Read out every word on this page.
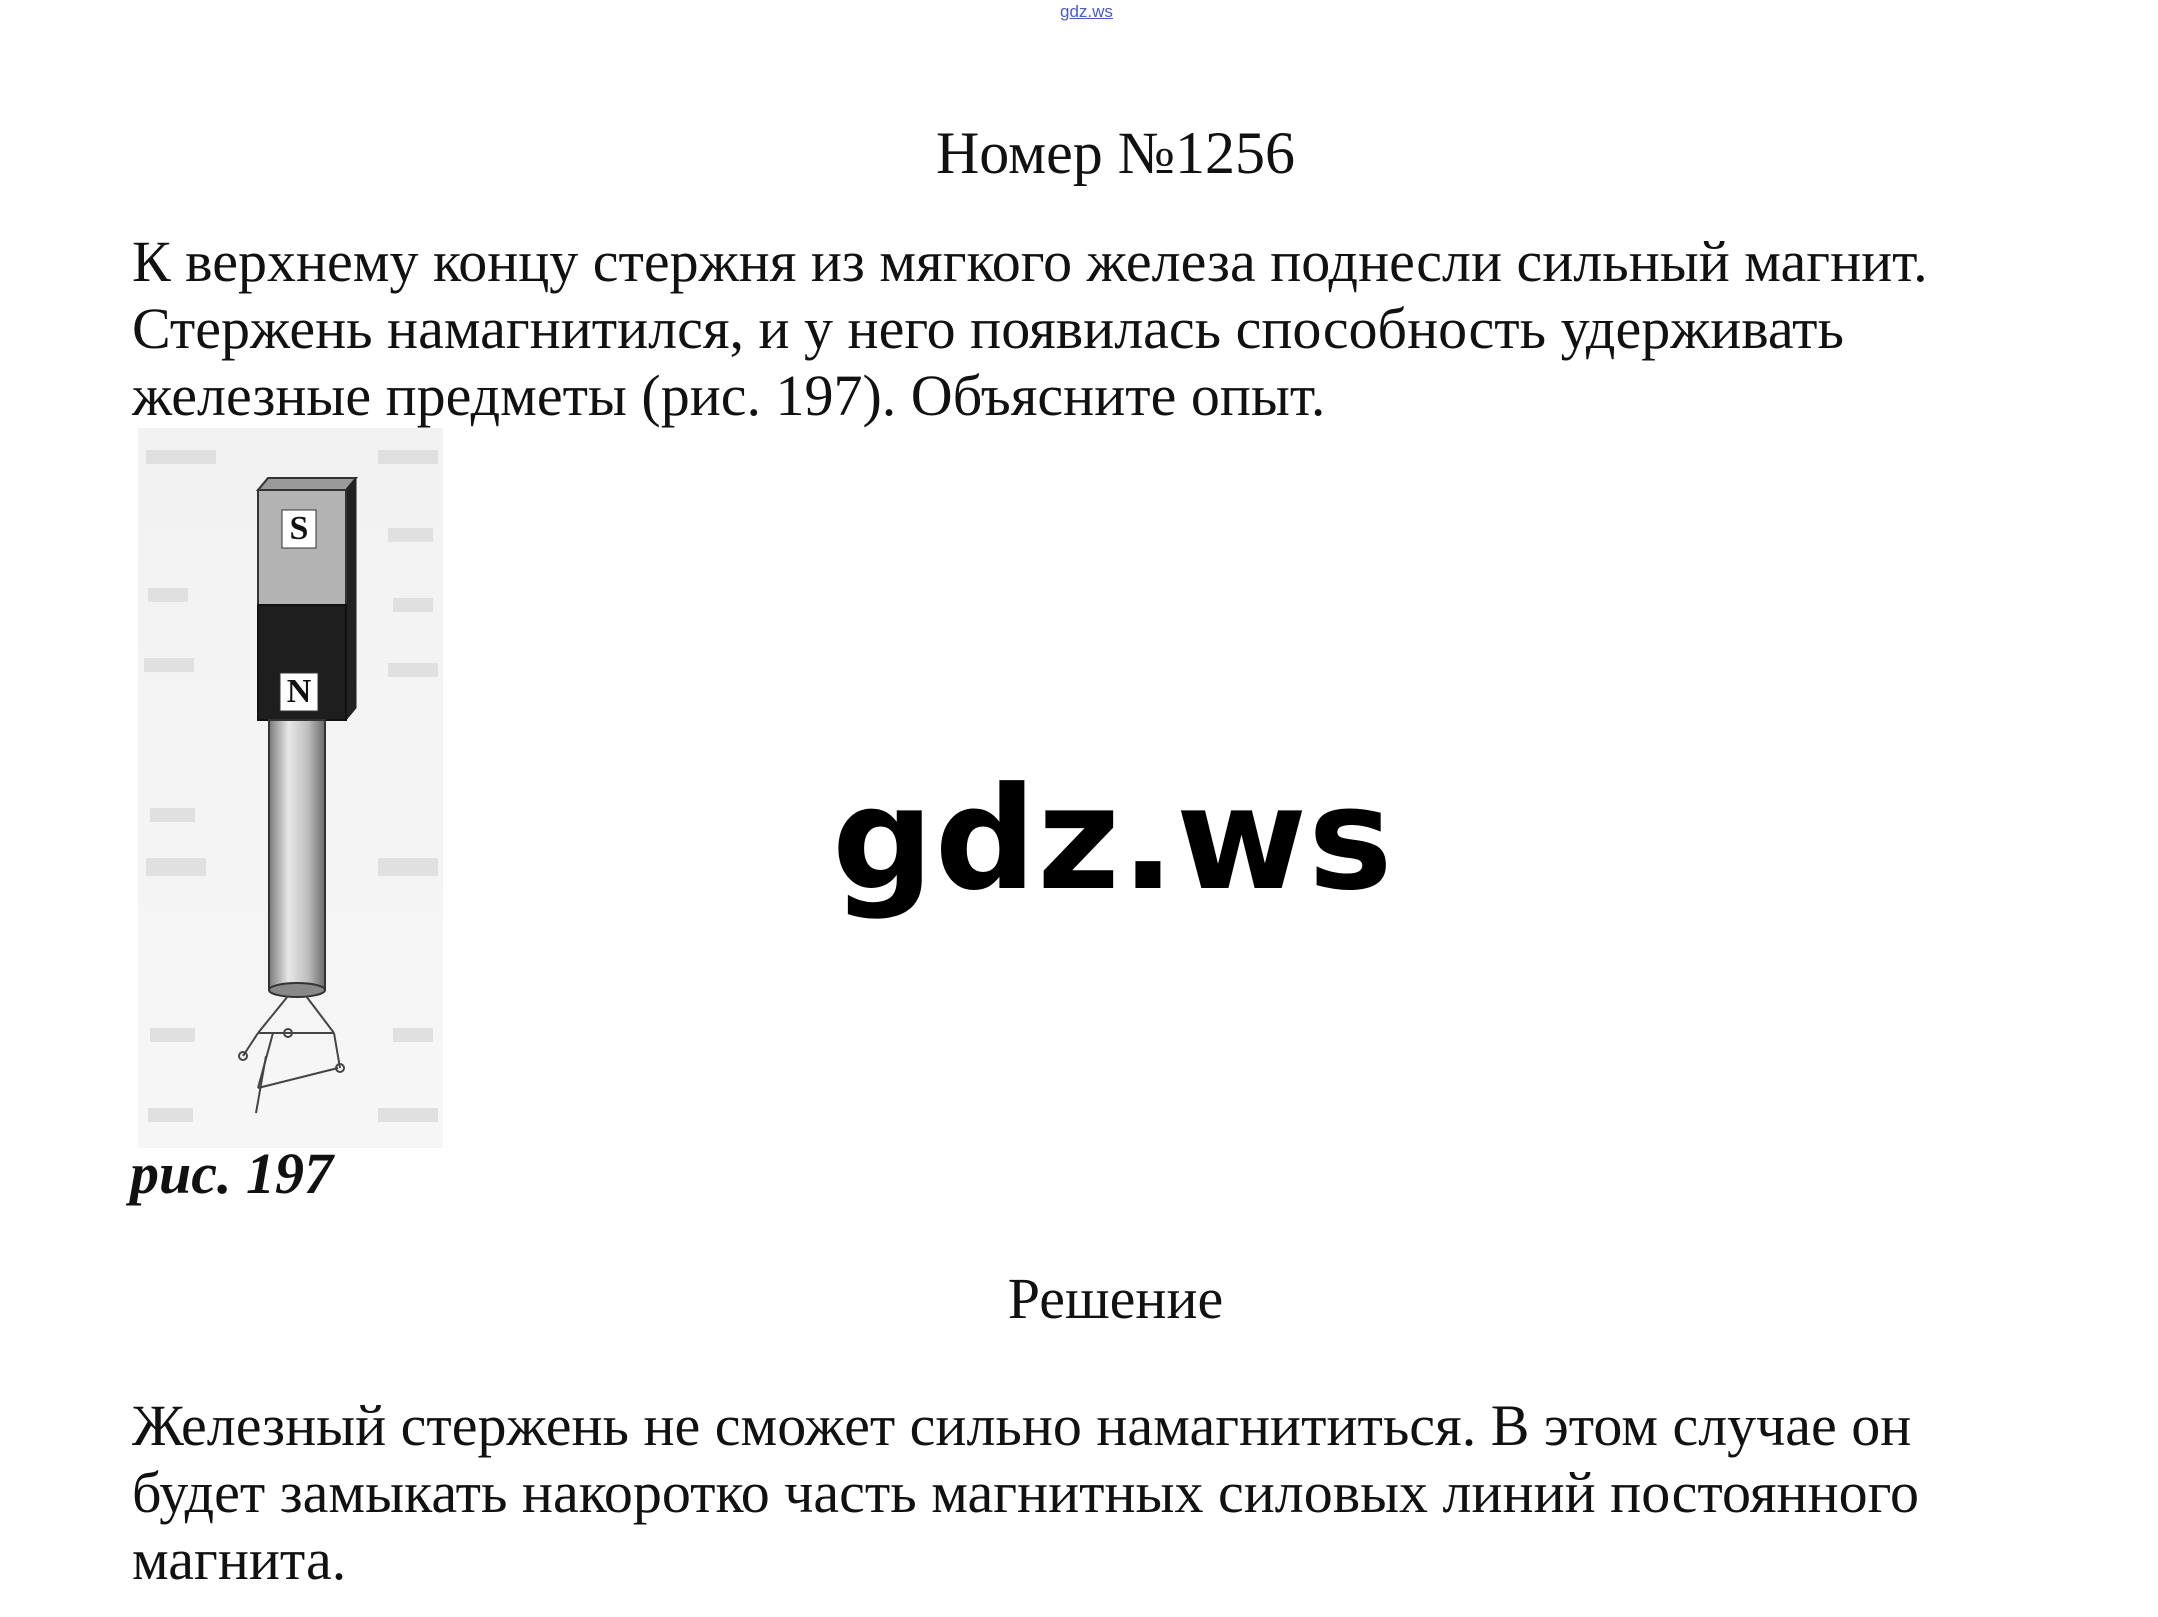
gdz.ws
Номер №1256
К верхнему концу стержня из мягкого железа поднесли сильный магнит.
Стержень намагнитился, и у него появилась способность удерживать
железные предметы (рис. 197). Объясните опыт.
S
N
рис. 197
gdz.ws
Решение
Железный стержень не сможет сильно намагнититься. В этом случае он
будет замыкать накоротко часть магнитных силовых линий постоянного
магнита.
